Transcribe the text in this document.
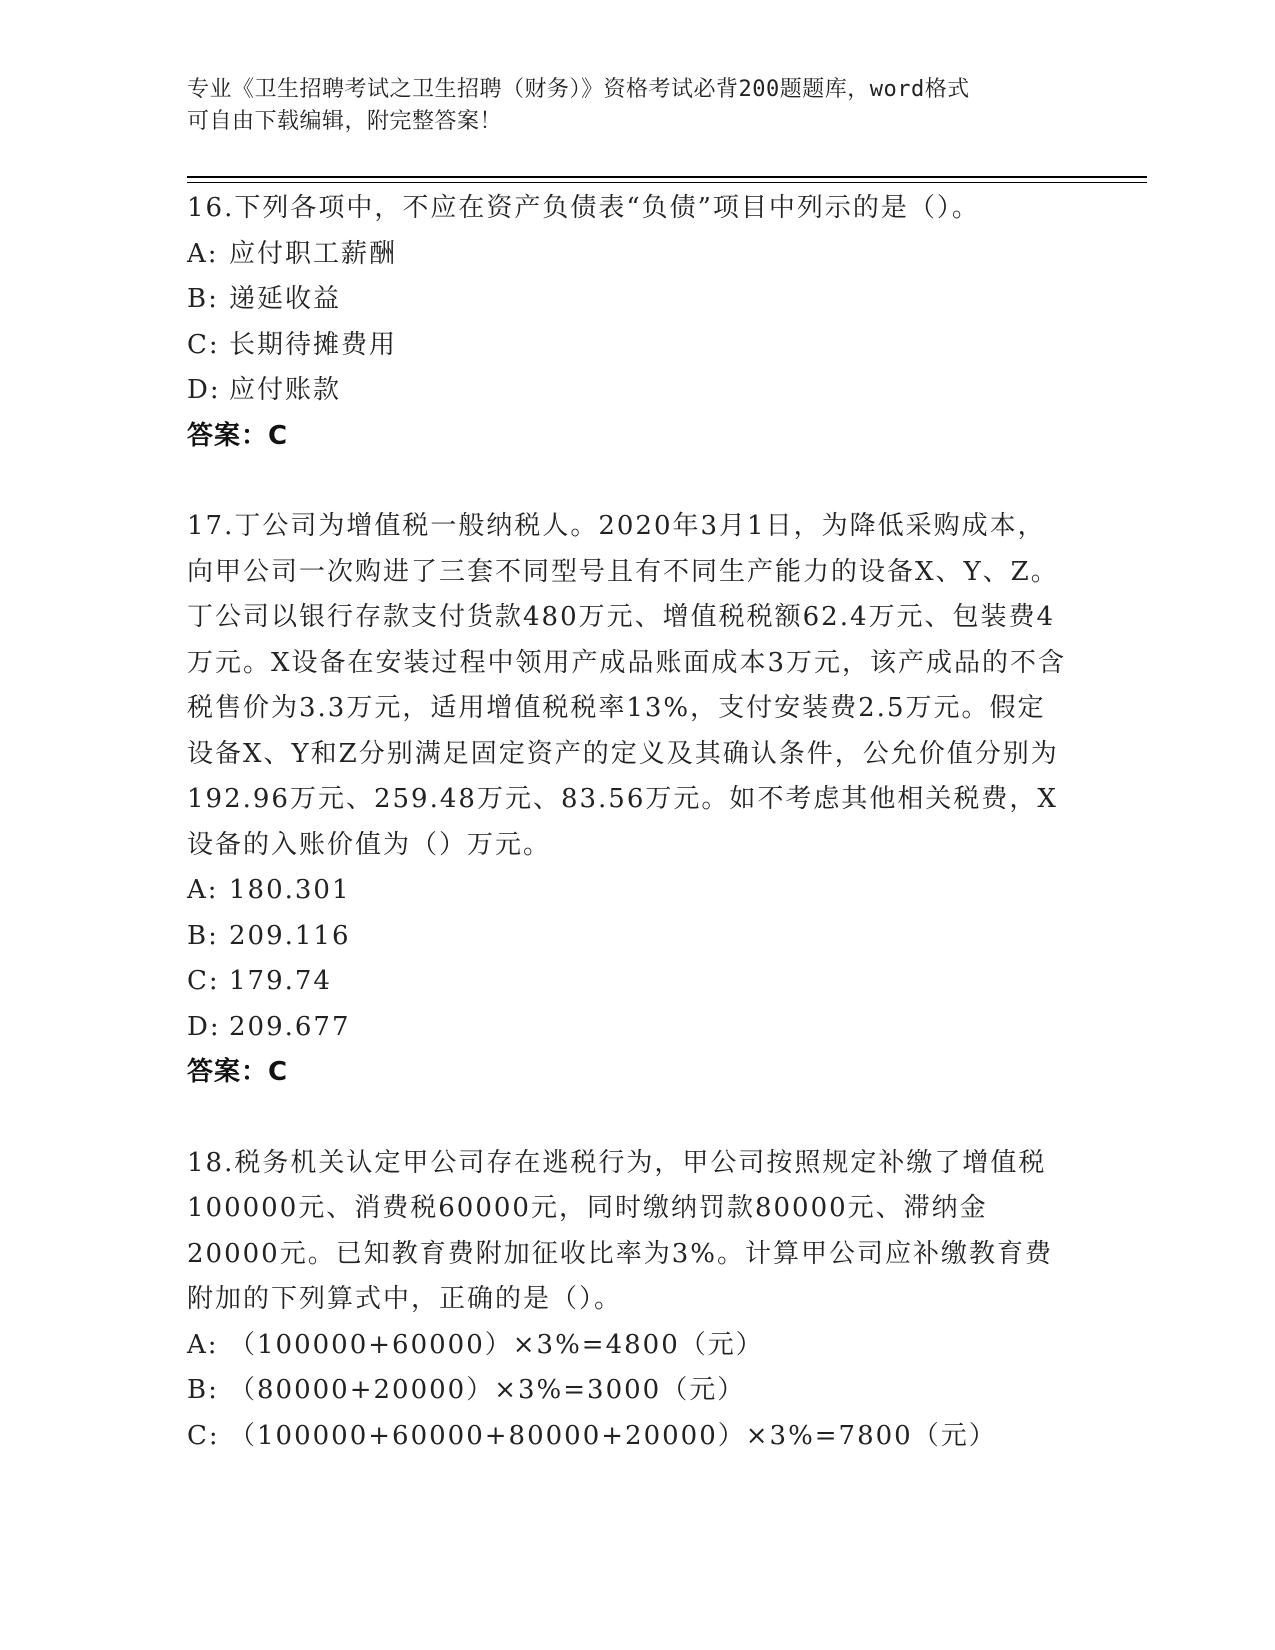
专业《卫生招聘考试之卫生招聘（财务）》资格考试必背200题题库，word格式
可自由下载编辑，附完整答案！
16.下列各项中，不应在资产负债表“负债”项目中列示的是（）。
A: 应付职工薪酬
B: 递延收益
C: 长期待摊费用
D: 应付账款
答案：C
17.丁公司为增值税一般纳税人。2020年3月1日，为降低采购成本，向甲公司一次购进了三套不同型号且有不同生产能力的设备X、Y、Z。丁公司以银行存款支付货款480万元、增值税税额62.4万元、包装费4万元。X设备在安装过程中领用产成品账面成本3万元，该产成品的不含税售价为3.3万元，适用增值税税率13%，支付安装费2.5万元。假定设备X、Y和Z分别满足固定资产的定义及其确认条件，公允价值分别为192.96万元、259.48万元、83.56万元。如不考虑其他相关税费，X设备的入账价值为（）万元。
A: 180.301
B: 209.116
C: 179.74
D: 209.677
答案：C
18.税务机关认定甲公司存在逃税行为，甲公司按照规定补缴了增值税100000元、消费税60000元，同时缴纳罚款80000元、滞纳金20000元。已知教育费附加征收比率为3%。计算甲公司应补缴教育费附加的下列算式中，正确的是（）。
A: （100000+60000）×3%=4800（元）
B: （80000+20000）×3%=3000（元）
C: （100000+60000+80000+20000）×3%=7800（元）
